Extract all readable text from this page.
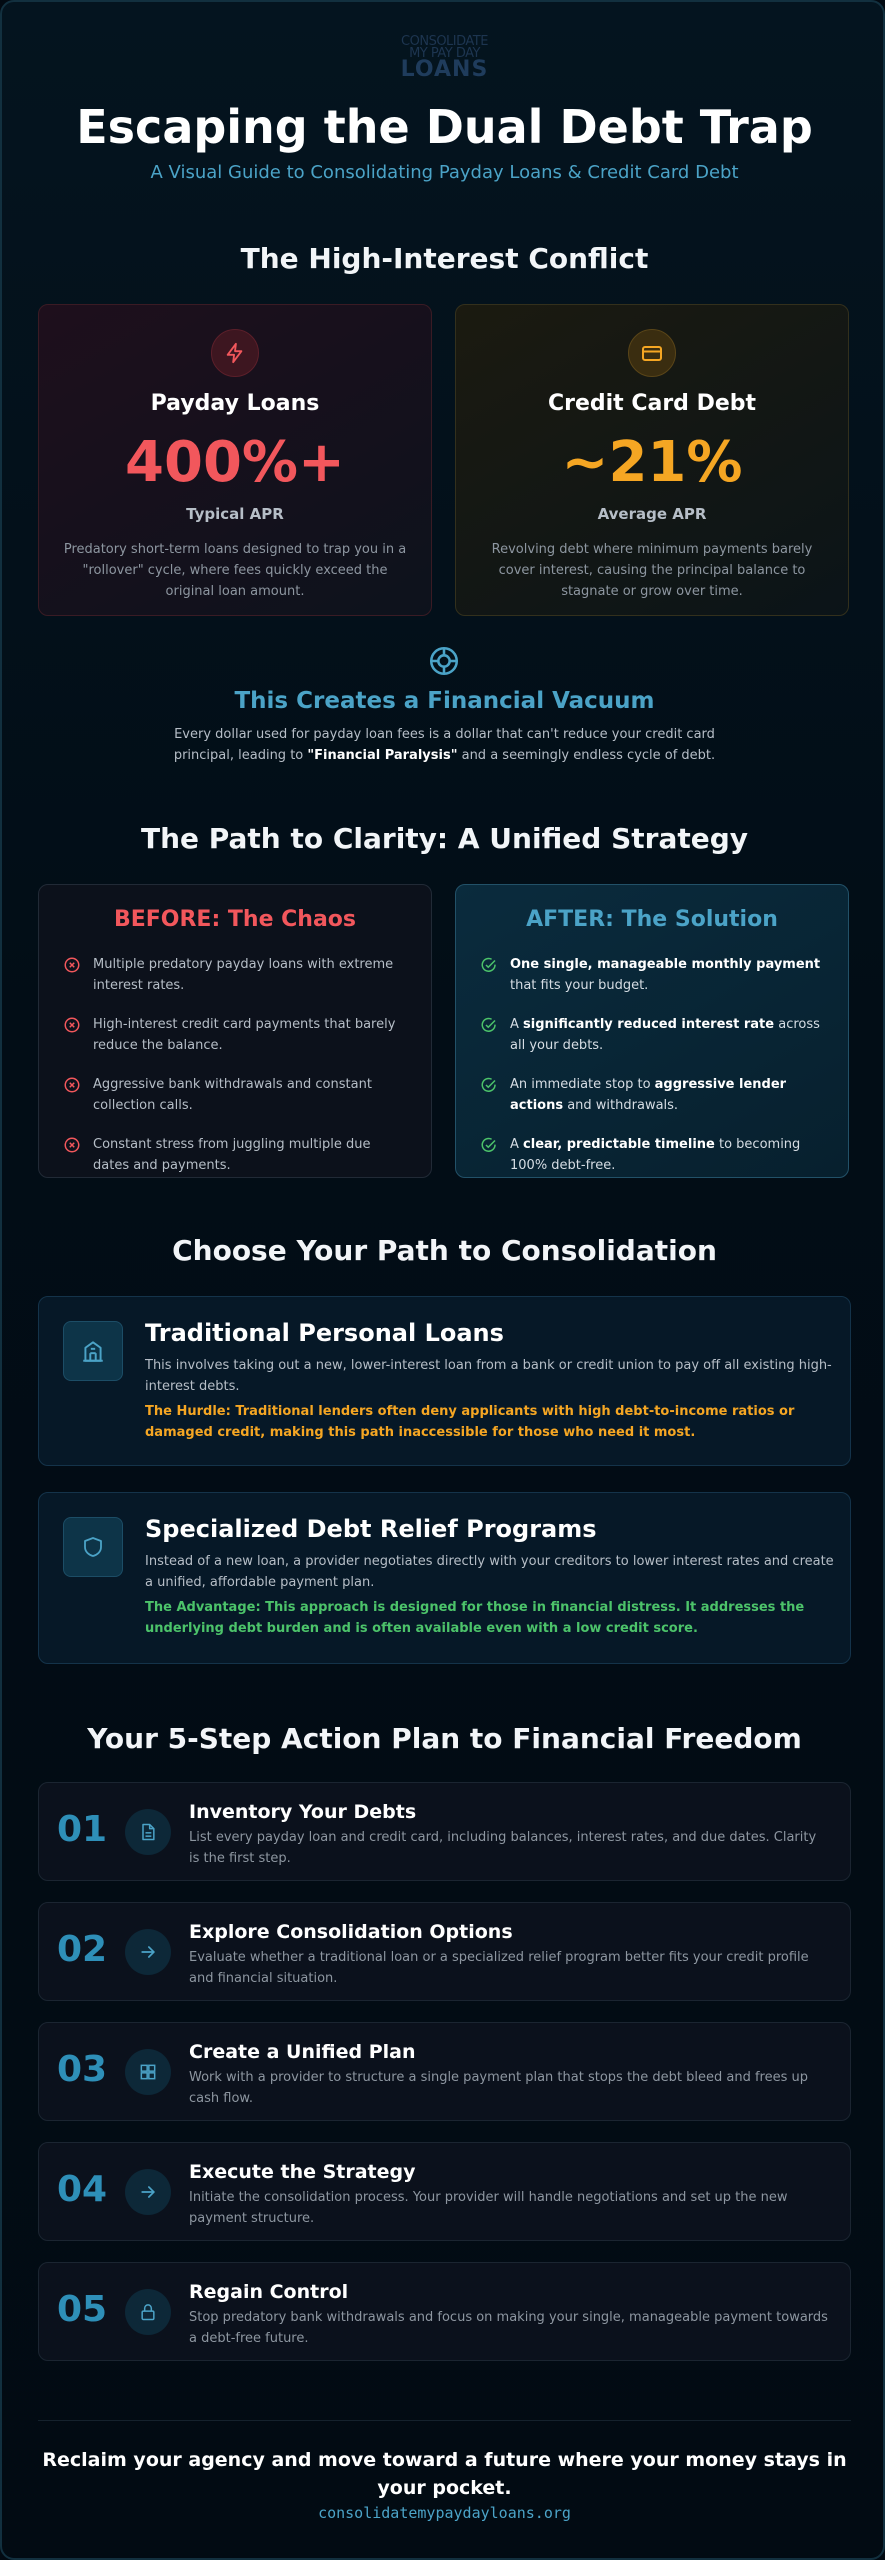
CONSOLIDATE
MY PAY DAY
LOANS
Escaping the Dual Debt Trap
A Visual Guide to Consolidating Payday Loans & Credit Card Debt
The High-Interest Conflict
Payday Loans
400%+
Typical APR
Predatory short-term loans designed to trap you in a "rollover" cycle, where fees quickly exceed the original loan amount.
Credit Card Debt
~21%
Average APR
Revolving debt where minimum payments barely cover interest, causing the principal balance to stagnate or grow over time.
This Creates a Financial Vacuum
Every dollar used for payday loan fees is a dollar that can't reduce your credit card principal, leading to "Financial Paralysis" and a seemingly endless cycle of debt.
The Path to Clarity: A Unified Strategy
BEFORE: The Chaos
Multiple predatory payday loans with extreme interest rates.
High-interest credit card payments that barely reduce the balance.
Aggressive bank withdrawals and constant collection calls.
Constant stress from juggling multiple due dates and payments.
AFTER: The Solution
One single, manageable monthly payment that fits your budget.
A significantly reduced interest rate across all your debts.
An immediate stop to aggressive lender actions and withdrawals.
A clear, predictable timeline to becoming 100% debt-free.
Choose Your Path to Consolidation
Traditional Personal Loans
This involves taking out a new, lower-interest loan from a bank or credit union to pay off all existing high-interest debts.
The Hurdle: Traditional lenders often deny applicants with high debt-to-income ratios or damaged credit, making this path inaccessible for those who need it most.
Specialized Debt Relief Programs
Instead of a new loan, a provider negotiates directly with your creditors to lower interest rates and create a unified, affordable payment plan.
The Advantage: This approach is designed for those in financial distress. It addresses the underlying debt burden and is often available even with a low credit score.
Your 5-Step Action Plan to Financial Freedom
01	Inventory Your Debts
List every payday loan and credit card, including balances, interest rates, and due dates. Clarity is the first step.
02	Explore Consolidation Options
Evaluate whether a traditional loan or a specialized relief program better fits your credit profile and financial situation.
03	Create a Unified Plan
Work with a provider to structure a single payment plan that stops the debt bleed and frees up cash flow.
04	Execute the Strategy
Initiate the consolidation process. Your provider will handle negotiations and set up the new payment structure.
05	Regain Control
Stop predatory bank withdrawals and focus on making your single, manageable payment towards a debt-free future.
Reclaim your agency and move toward a future where your money stays in your pocket.
consolidatemypaydayloans.org
